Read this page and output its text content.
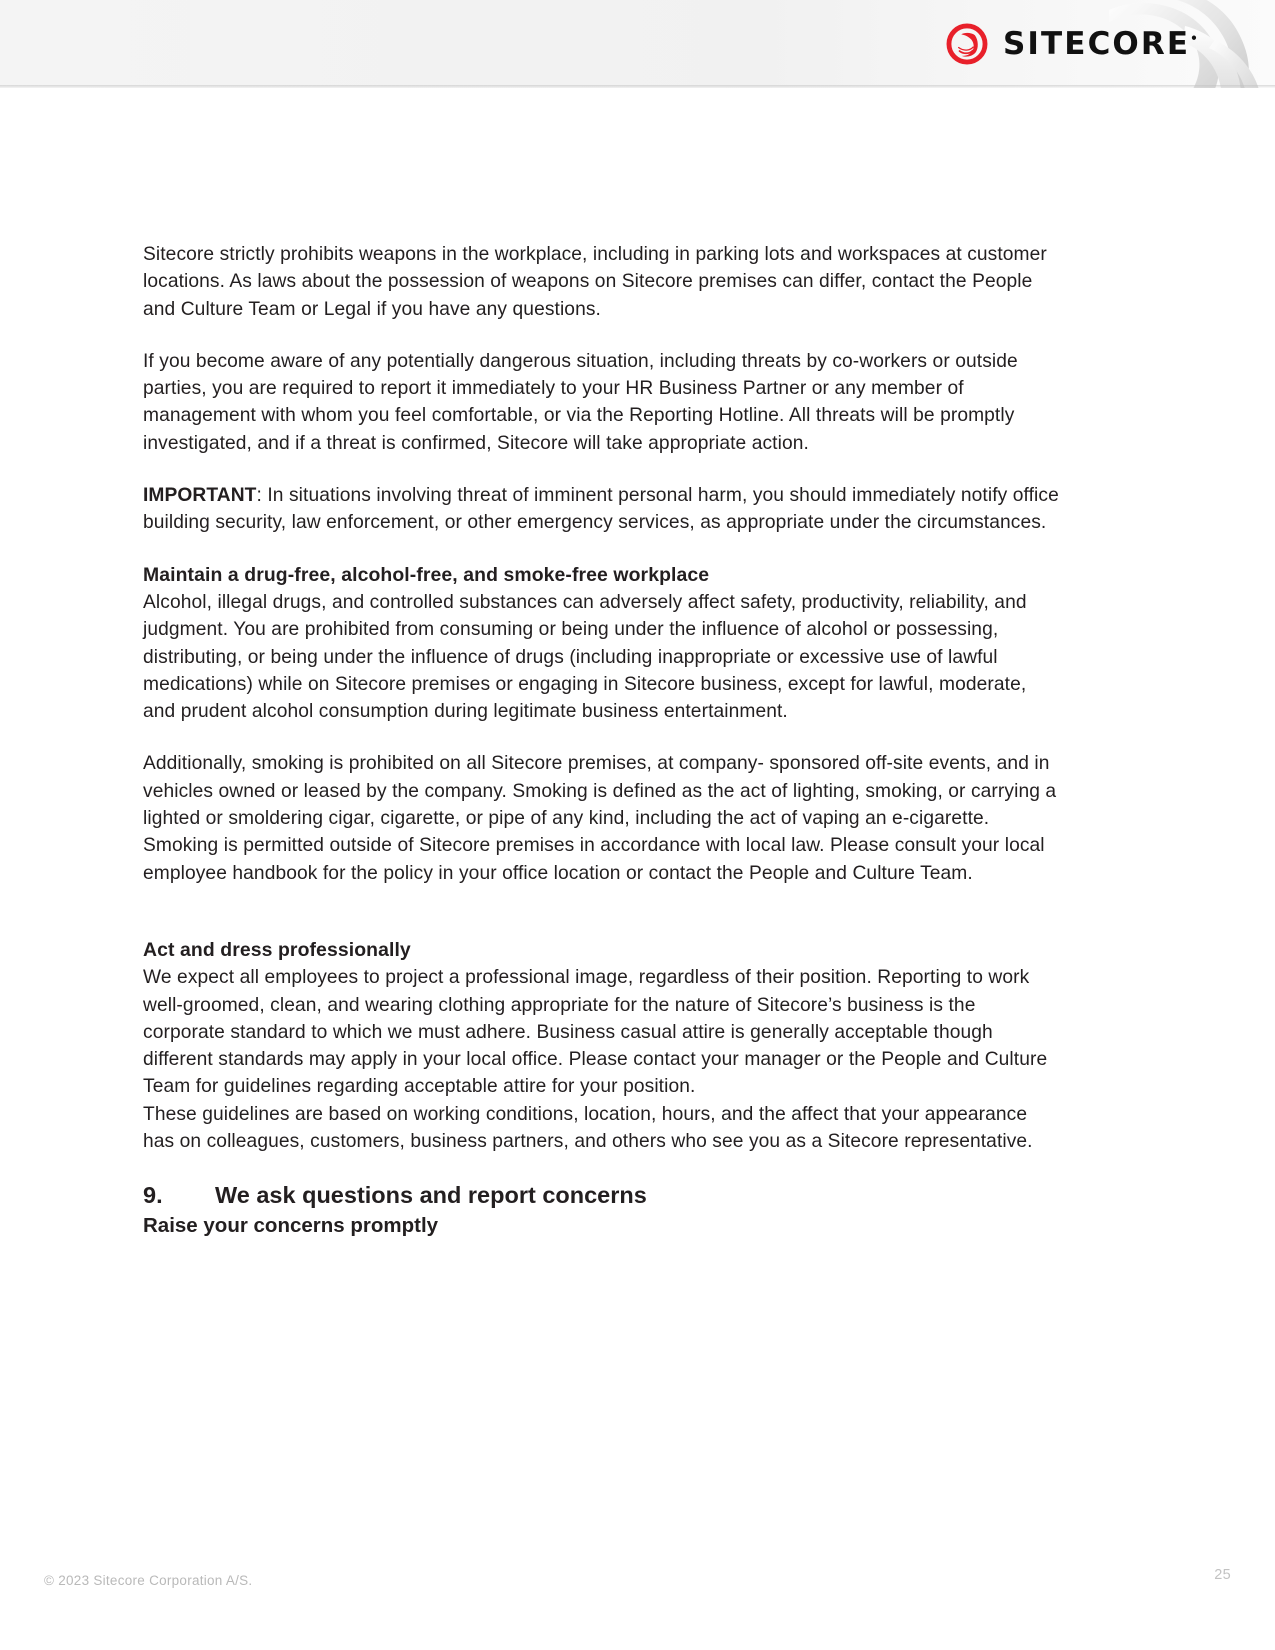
SITECORE•

Sitecore strictly prohibits weapons in the workplace, including in parking lots and workspaces at customer locations. As laws about the possession of weapons on Sitecore premises can differ, contact the People and Culture Team or Legal if you have any questions.

If you become aware of any potentially dangerous situation, including threats by co-workers or outside parties, you are required to report it immediately to your HR Business Partner or any member of management with whom you feel comfortable, or via the Reporting Hotline. All threats will be promptly investigated, and if a threat is confirmed, Sitecore will take appropriate action.

IMPORTANT: In situations involving threat of imminent personal harm, you should immediately notify office building security, law enforcement, or other emergency services, as appropriate under the circumstances.

Maintain a drug-free, alcohol-free, and smoke-free workplace

Alcohol, illegal drugs, and controlled substances can adversely affect safety, productivity, reliability, and judgment. You are prohibited from consuming or being under the influence of alcohol or possessing, distributing, or being under the influence of drugs (including inappropriate or excessive use of lawful medications) while on Sitecore premises or engaging in Sitecore business, except for lawful, moderate, and prudent alcohol consumption during legitimate business entertainment.

Additionally, smoking is prohibited on all Sitecore premises, at company- sponsored off-site events, and in vehicles owned or leased by the company. Smoking is defined as the act of lighting, smoking, or carrying a lighted or smoldering cigar, cigarette, or pipe of any kind, including the act of vaping an e-cigarette. Smoking is permitted outside of Sitecore premises in accordance with local law. Please consult your local employee handbook for the policy in your office location or contact the People and Culture Team.

Act and dress professionally

We expect all employees to project a professional image, regardless of their position. Reporting to work well-groomed, clean, and wearing clothing appropriate for the nature of Sitecore’s business is the corporate standard to which we must adhere. Business casual attire is generally acceptable though different standards may apply in your local office. Please contact your manager or the People and Culture Team for guidelines regarding acceptable attire for your position.

These guidelines are based on working conditions, location, hours, and the affect that your appearance has on colleagues, customers, business partners, and others who see you as a Sitecore representative.

9.	We ask questions and report concerns
Raise your concerns promptly
© 2023 Sitecore Corporation A/S.	25
